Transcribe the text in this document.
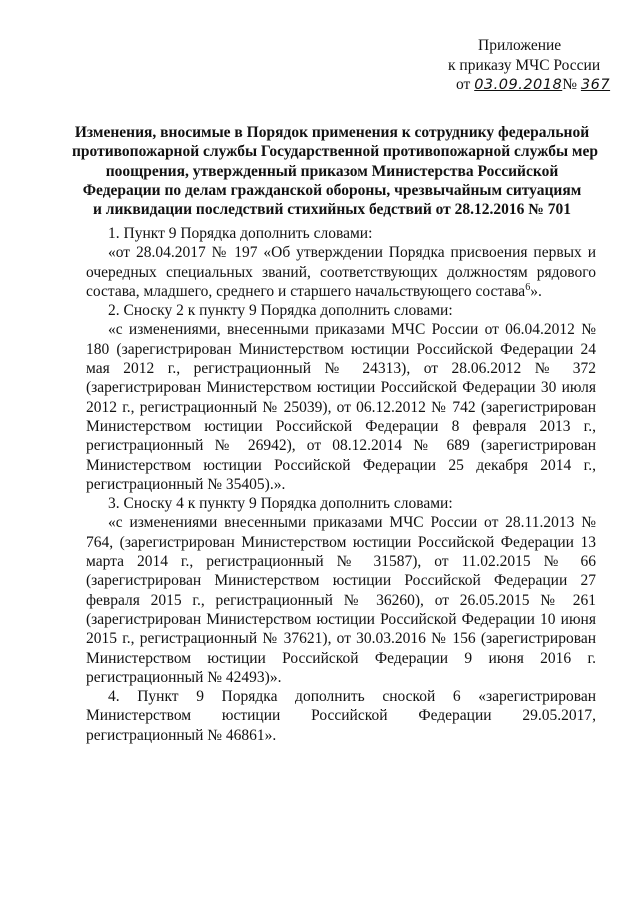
Приложение
к приказу МЧС России
от 03.09.2018№ 367
Изменения, вносимые в Порядок применения к сотруднику федеральной
противопожарной службы Государственной противопожарной службы мер
поощрения, утвержденный приказом Министерства Российской
Федерации по делам гражданской обороны, чрезвычайным ситуациям
и ликвидации последствий стихийных бедствий от 28.12.2016 № 701

1. Пункт 9 Порядка дополнить словами:

«от 28.04.2017 № 197 «Об утверждении Порядка присвоения первых и очередных специальных званий, соответствующих должностям рядового состава, младшего, среднего и старшего начальствующего состава$^6$».

2. Сноску 2 к пункту 9 Порядка дополнить словами:

«с изменениями, внесенными приказами МЧС России от 06.04.2012 № 180 (зарегистрирован Министерством юстиции Российской Федерации 24 мая 2012 г., регистрационный № 24313), от 28.06.2012 № 372 (зарегистрирован Министерством юстиции Российской Федерации 30 июля 2012 г., регистрационный № 25039), от 06.12.2012 № 742 (зарегистрирован Министерством юстиции Российской Федерации 8 февраля 2013 г., регистрационный № 26942), от 08.12.2014 № 689 (зарегистрирован Министерством юстиции Российской Федерации 25 декабря 2014 г., регистрационный № 35405).».

3. Сноску 4 к пункту 9 Порядка дополнить словами:

«с изменениями внесенными приказами МЧС России от 28.11.2013 № 764, (зарегистрирован Министерством юстиции Российской Федерации 13 марта 2014 г., регистрационный № 31587), от 11.02.2015 № 66 (зарегистрирован Министерством юстиции Российской Федерации 27 февраля 2015 г., регистрационный № 36260), от 26.05.2015 № 261 (зарегистрирован Министерством юстиции Российской Федерации 10 июня 2015 г., регистрационный № 37621), от 30.03.2016 № 156 (зарегистрирован Министерством юстиции Российской Федерации 9 июня 2016 г. регистрационный № 42493)».

4. Пункт 9 Порядка дополнить сноской 6 «зарегистрирован Министерством юстиции Российской Федерации 29.05.2017, регистрационный № 46861».
